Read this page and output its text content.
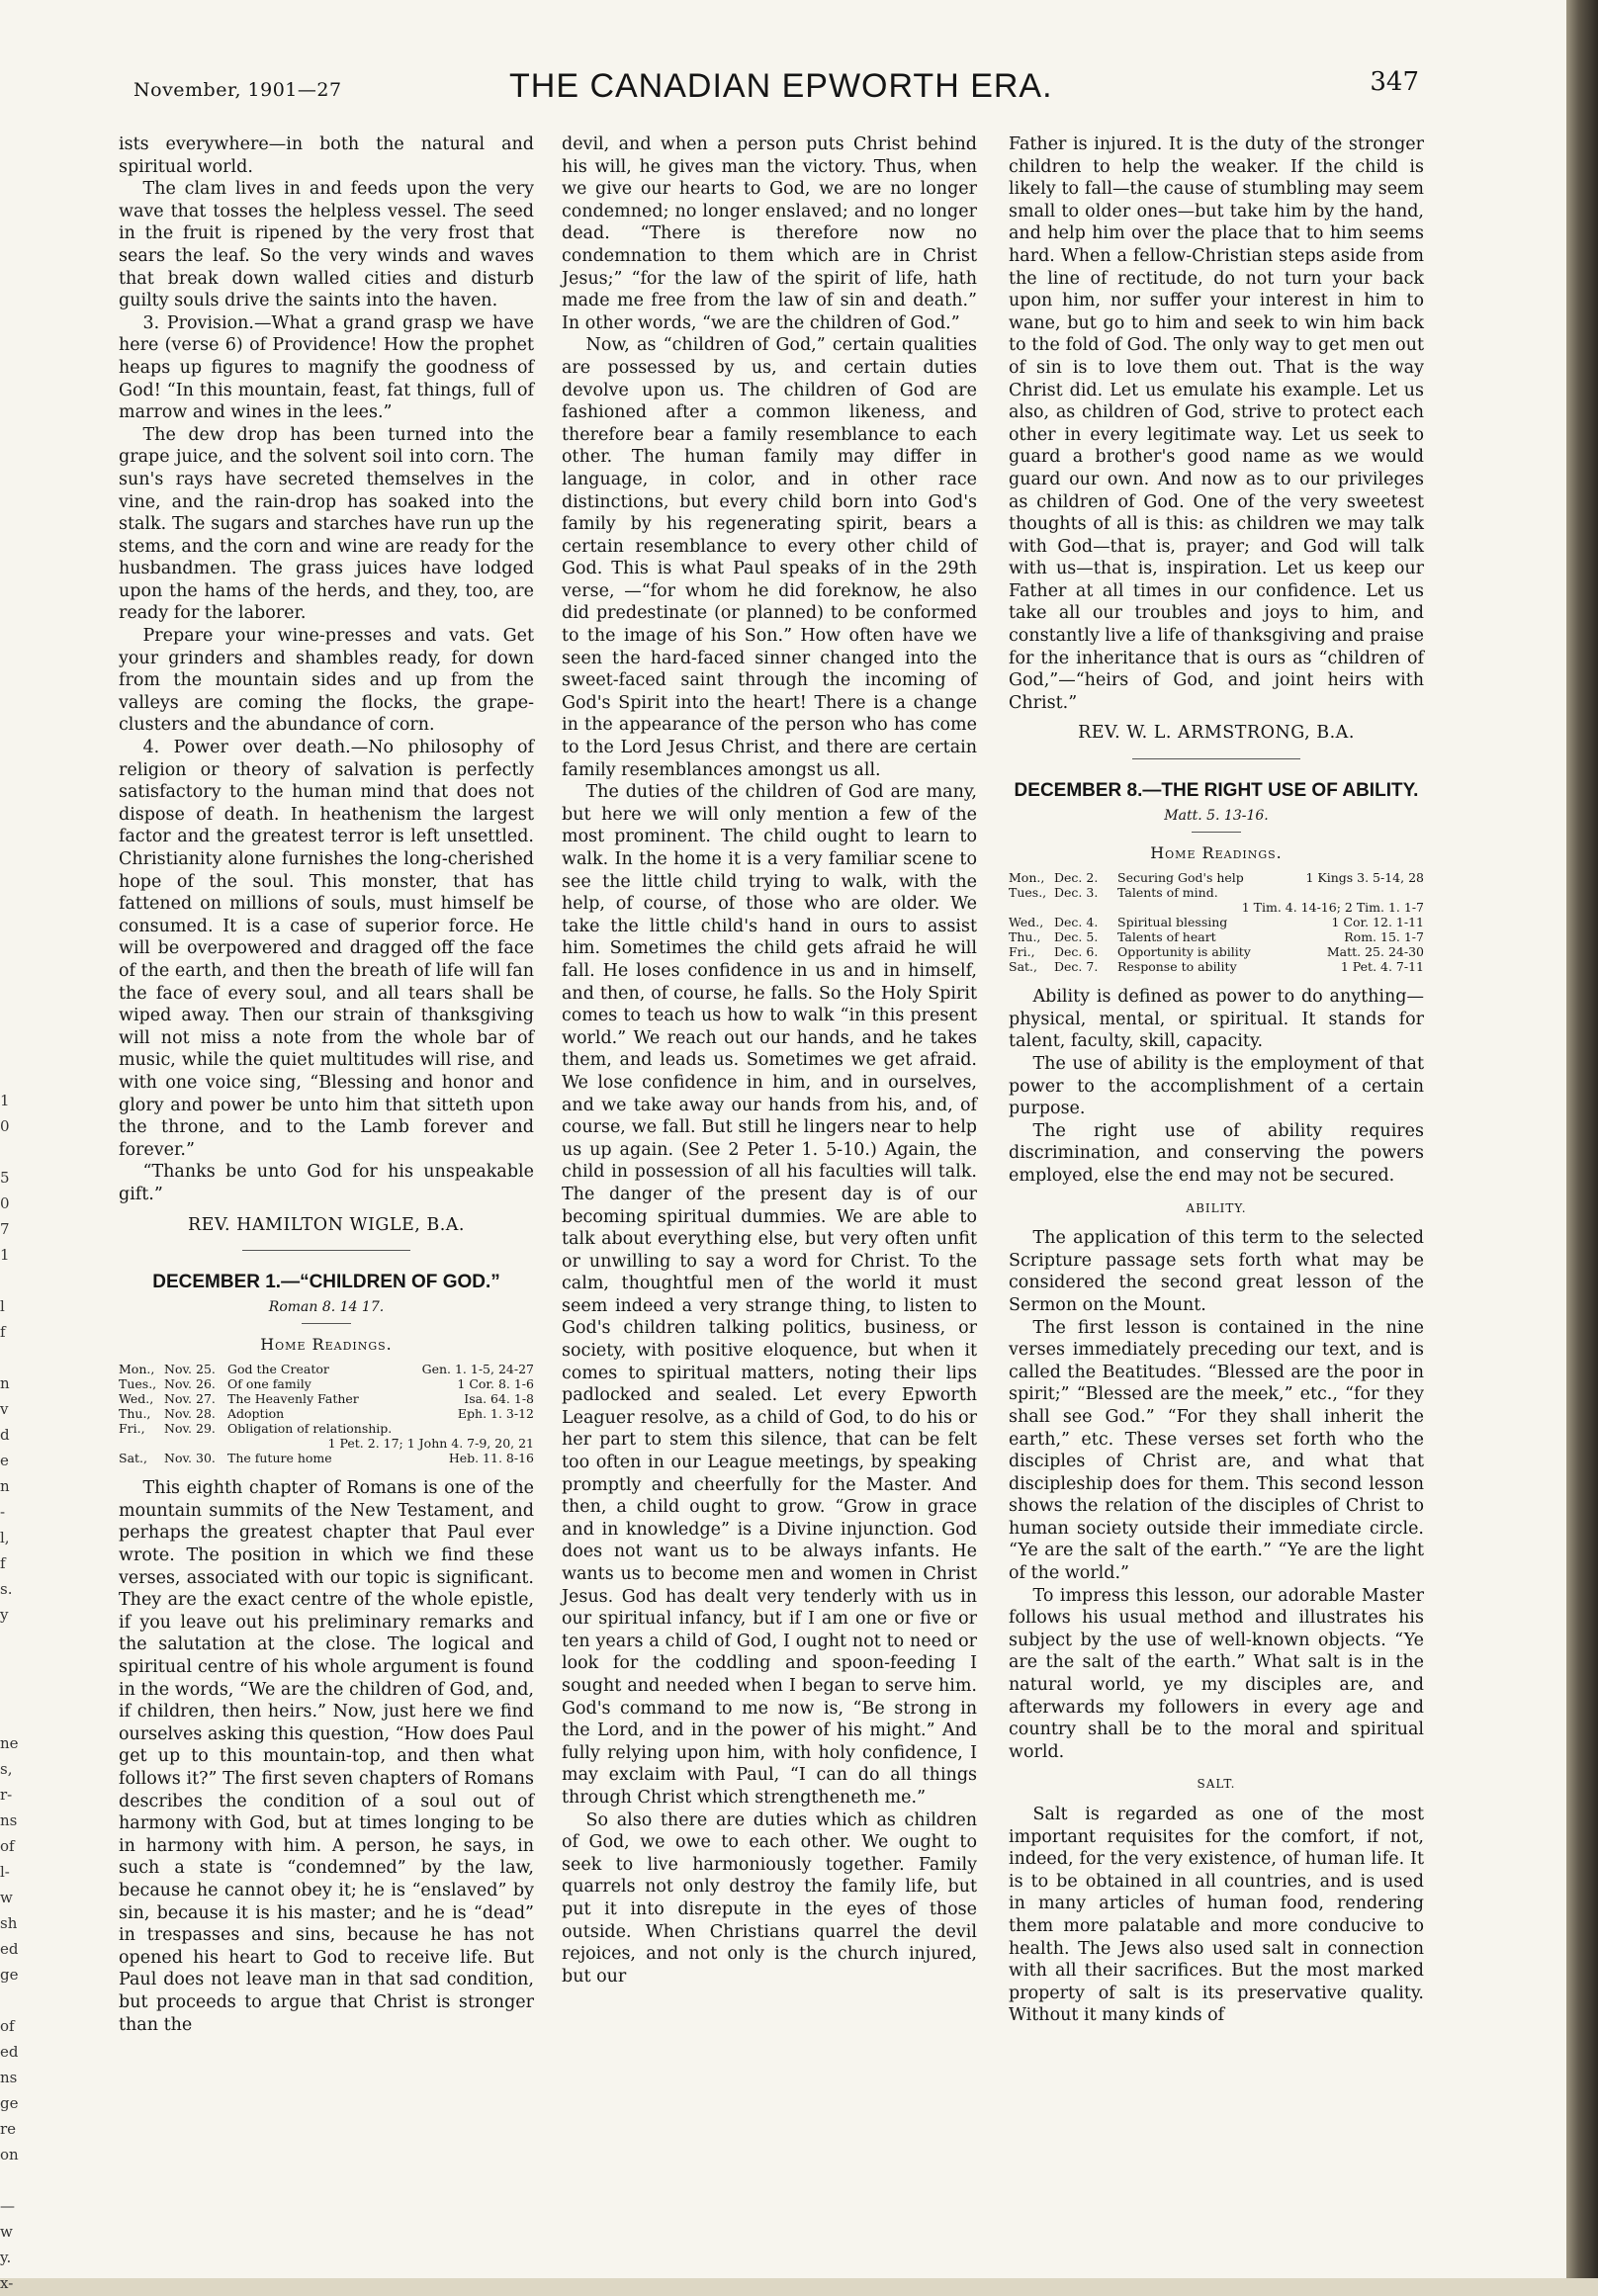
1
0

5
0
7
1

l
f

n
v
d
e
n
-
l,
f
s.
y

ne
s,
r-
ns
of
l-
w
sh
ed
ge

of
ed
ns
ge
re
on

—
w
y.
x-
November, 1901—27	THE CANADIAN EPWORTH ERA.	347

ists everywhere—in both the natural and spiritual world.

The clam lives in and feeds upon the very wave that tosses the helpless vessel. The seed in the fruit is ripened by the very frost that sears the leaf. So the very winds and waves that break down walled cities and disturb guilty souls drive the saints into the haven.

3. Provision.—What a grand grasp we have here (verse 6) of Providence! How the prophet heaps up figures to magnify the goodness of God! “In this mountain, feast, fat things, full of marrow and wines in the lees.”

The dew drop has been turned into the grape juice, and the solvent soil into corn. The sun's rays have secreted themselves in the vine, and the rain-drop has soaked into the stalk. The sugars and starches have run up the stems, and the corn and wine are ready for the husbandmen. The grass juices have lodged upon the hams of the herds, and they, too, are ready for the laborer.

Prepare your wine-presses and vats. Get your grinders and shambles ready, for down from the mountain sides and up from the valleys are coming the flocks, the grape-clusters and the abundance of corn.

4. Power over death.—No philosophy of religion or theory of salvation is perfectly satisfactory to the human mind that does not dispose of death. In heathenism the largest factor and the greatest terror is left unsettled. Christianity alone furnishes the long-cherished hope of the soul. This monster, that has fattened on millions of souls, must himself be consumed. It is a case of superior force. He will be overpowered and dragged off the face of the earth, and then the breath of life will fan the face of every soul, and all tears shall be wiped away. Then our strain of thanksgiving will not miss a note from the whole bar of music, while the quiet multitudes will rise, and with one voice sing, “Blessing and honor and glory and power be unto him that sitteth upon the throne, and to the Lamb forever and forever.”

“Thanks be unto God for his unspeakable gift.”

REV. HAMILTON WIGLE, B.A.
DECEMBER 1.—“CHILDREN OF GOD.”
Roman 8. 14 17.
Home Readings.
Mon.,	Nov. 25.	God the Creator	Gen. 1. 1-5, 24-27
Tues.,	Nov. 26.	Of one family	1 Cor. 8. 1-6
Wed.,	Nov. 27.	The Heavenly Father	Isa. 64. 1-8
Thu.,	Nov. 28.	Adoption	Eph. 1. 3-12
Fri.,	Nov. 29.	Obligation of relationship.	
1 Pet. 2. 17; 1 John 4. 7-9, 20, 21			
Sat.,	Nov. 30.	The future home	Heb. 11. 8-16

This eighth chapter of Romans is one of the mountain summits of the New Testament, and perhaps the greatest chapter that Paul ever wrote. The position in which we find these verses, associated with our topic is significant. They are the exact centre of the whole epistle, if you leave out his preliminary remarks and the salutation at the close. The logical and spiritual centre of his whole argument is found in the words, “We are the children of God, and, if children, then heirs.” Now, just here we find ourselves asking this question, “How does Paul get up to this mountain-top, and then what follows it?” The first seven chapters of Romans describes the condition of a soul out of harmony with God, but at times longing to be in harmony with him. A person, he says, in such a state is “condemned” by the law, because he cannot obey it; he is “enslaved” by sin, because it is his master; and he is “dead” in trespasses and sins, because he has not opened his heart to God to receive life. But Paul does not leave man in that sad condition, but proceeds to argue that Christ is stronger than the

devil, and when a person puts Christ behind his will, he gives man the victory. Thus, when we give our hearts to God, we are no longer condemned; no longer enslaved; and no longer dead. “There is therefore now no condemnation to them which are in Christ Jesus;” “for the law of the spirit of life, hath made me free from the law of sin and death.” In other words, “we are the children of God.”

Now, as “children of God,” certain qualities are possessed by us, and certain duties devolve upon us. The children of God are fashioned after a common likeness, and therefore bear a family resemblance to each other. The human family may differ in language, in color, and in other race distinctions, but every child born into God's family by his regenerating spirit, bears a certain resemblance to every other child of God. This is what Paul speaks of in the 29th verse, —“for whom he did foreknow, he also did predestinate (or planned) to be conformed to the image of his Son.” How often have we seen the hard-faced sinner changed into the sweet-faced saint through the incoming of God's Spirit into the heart! There is a change in the appearance of the person who has come to the Lord Jesus Christ, and there are certain family resemblances amongst us all.

The duties of the children of God are many, but here we will only mention a few of the most prominent. The child ought to learn to walk. In the home it is a very familiar scene to see the little child trying to walk, with the help, of course, of those who are older. We take the little child's hand in ours to assist him. Sometimes the child gets afraid he will fall. He loses confidence in us and in himself, and then, of course, he falls. So the Holy Spirit comes to teach us how to walk “in this present world.” We reach out our hands, and he takes them, and leads us. Sometimes we get afraid. We lose confidence in him, and in ourselves, and we take away our hands from his, and, of course, we fall. But still he lingers near to help us up again. (See 2 Peter 1. 5-10.) Again, the child in possession of all his faculties will talk. The danger of the present day is of our becoming spiritual dummies. We are able to talk about everything else, but very often unfit or unwilling to say a word for Christ. To the calm, thoughtful men of the world it must seem indeed a very strange thing, to listen to God's children talking politics, business, or society, with positive eloquence, but when it comes to spiritual matters, noting their lips padlocked and sealed. Let every Epworth Leaguer resolve, as a child of God, to do his or her part to stem this silence, that can be felt too often in our League meetings, by speaking promptly and cheerfully for the Master. And then, a child ought to grow. “Grow in grace and in knowledge” is a Divine injunction. God does not want us to be always infants. He wants us to become men and women in Christ Jesus. God has dealt very tenderly with us in our spiritual infancy, but if I am one or five or ten years a child of God, I ought not to need or look for the coddling and spoon-feeding I sought and needed when I began to serve him. God's command to me now is, “Be strong in the Lord, and in the power of his might.” And fully relying upon him, with holy confidence, I may exclaim with Paul, “I can do all things through Christ which strengtheneth me.”

So also there are duties which as children of God, we owe to each other. We ought to seek to live harmoniously together. Family quarrels not only destroy the family life, but put it into disrepute in the eyes of those outside. When Christians quarrel the devil rejoices, and not only is the church injured, but our

Father is injured. It is the duty of the stronger children to help the weaker. If the child is likely to fall—the cause of stumbling may seem small to older ones—but take him by the hand, and help him over the place that to him seems hard. When a fellow-Christian steps aside from the line of rectitude, do not turn your back upon him, nor suffer your interest in him to wane, but go to him and seek to win him back to the fold of God. The only way to get men out of sin is to love them out. That is the way Christ did. Let us emulate his example. Let us also, as children of God, strive to protect each other in every legitimate way. Let us seek to guard a brother's good name as we would guard our own. And now as to our privileges as children of God. One of the very sweetest thoughts of all is this: as children we may talk with God—that is, prayer; and God will talk with us—that is, inspiration. Let us keep our Father at all times in our confidence. Let us take all our troubles and joys to him, and constantly live a life of thanksgiving and praise for the inheritance that is ours as “children of God,”—“heirs of God, and joint heirs with Christ.”

REV. W. L. ARMSTRONG, B.A.
DECEMBER 8.—THE RIGHT USE OF ABILITY.
Matt. 5. 13-16.
Home Readings.
Mon.,	Dec. 2.	Securing God's help	1 Kings 3. 5-14, 28
Tues.,	Dec. 3.	Talents of mind.	
1 Tim. 4. 14-16; 2 Tim. 1. 1-7			
Wed.,	Dec. 4.	Spiritual blessing	1 Cor. 12. 1-11
Thu.,	Dec. 5.	Talents of heart	Rom. 15. 1-7
Fri.,	Dec. 6.	Opportunity is ability	Matt. 25. 24-30
Sat.,	Dec. 7.	Response to ability	1 Pet. 4. 7-11

Ability is defined as power to do anything—physical, mental, or spiritual. It stands for talent, faculty, skill, capacity.

The use of ability is the employment of that power to the accomplishment of a certain purpose.

The right use of ability requires discrimination, and conserving the powers employed, else the end may not be secured.

ABILITY.

The application of this term to the selected Scripture passage sets forth what may be considered the second great lesson of the Sermon on the Mount.

The first lesson is contained in the nine verses immediately preceding our text, and is called the Beatitudes. “Blessed are the poor in spirit;” “Blessed are the meek,” etc., “for they shall see God.” “For they shall inherit the earth,” etc. These verses set forth who the disciples of Christ are, and what that discipleship does for them. This second lesson shows the relation of the disciples of Christ to human society outside their immediate circle. “Ye are the salt of the earth.” “Ye are the light of the world.”

To impress this lesson, our adorable Master follows his usual method and illustrates his subject by the use of well-known objects. “Ye are the salt of the earth.” What salt is in the natural world, ye my disciples are, and afterwards my followers in every age and country shall be to the moral and spiritual world.

SALT.

Salt is regarded as one of the most important requisites for the comfort, if not, indeed, for the very existence, of human life. It is to be obtained in all countries, and is used in many articles of human food, rendering them more palatable and more conducive to health. The Jews also used salt in connection with all their sacrifices. But the most marked property of salt is its preservative quality. Without it many kinds of
